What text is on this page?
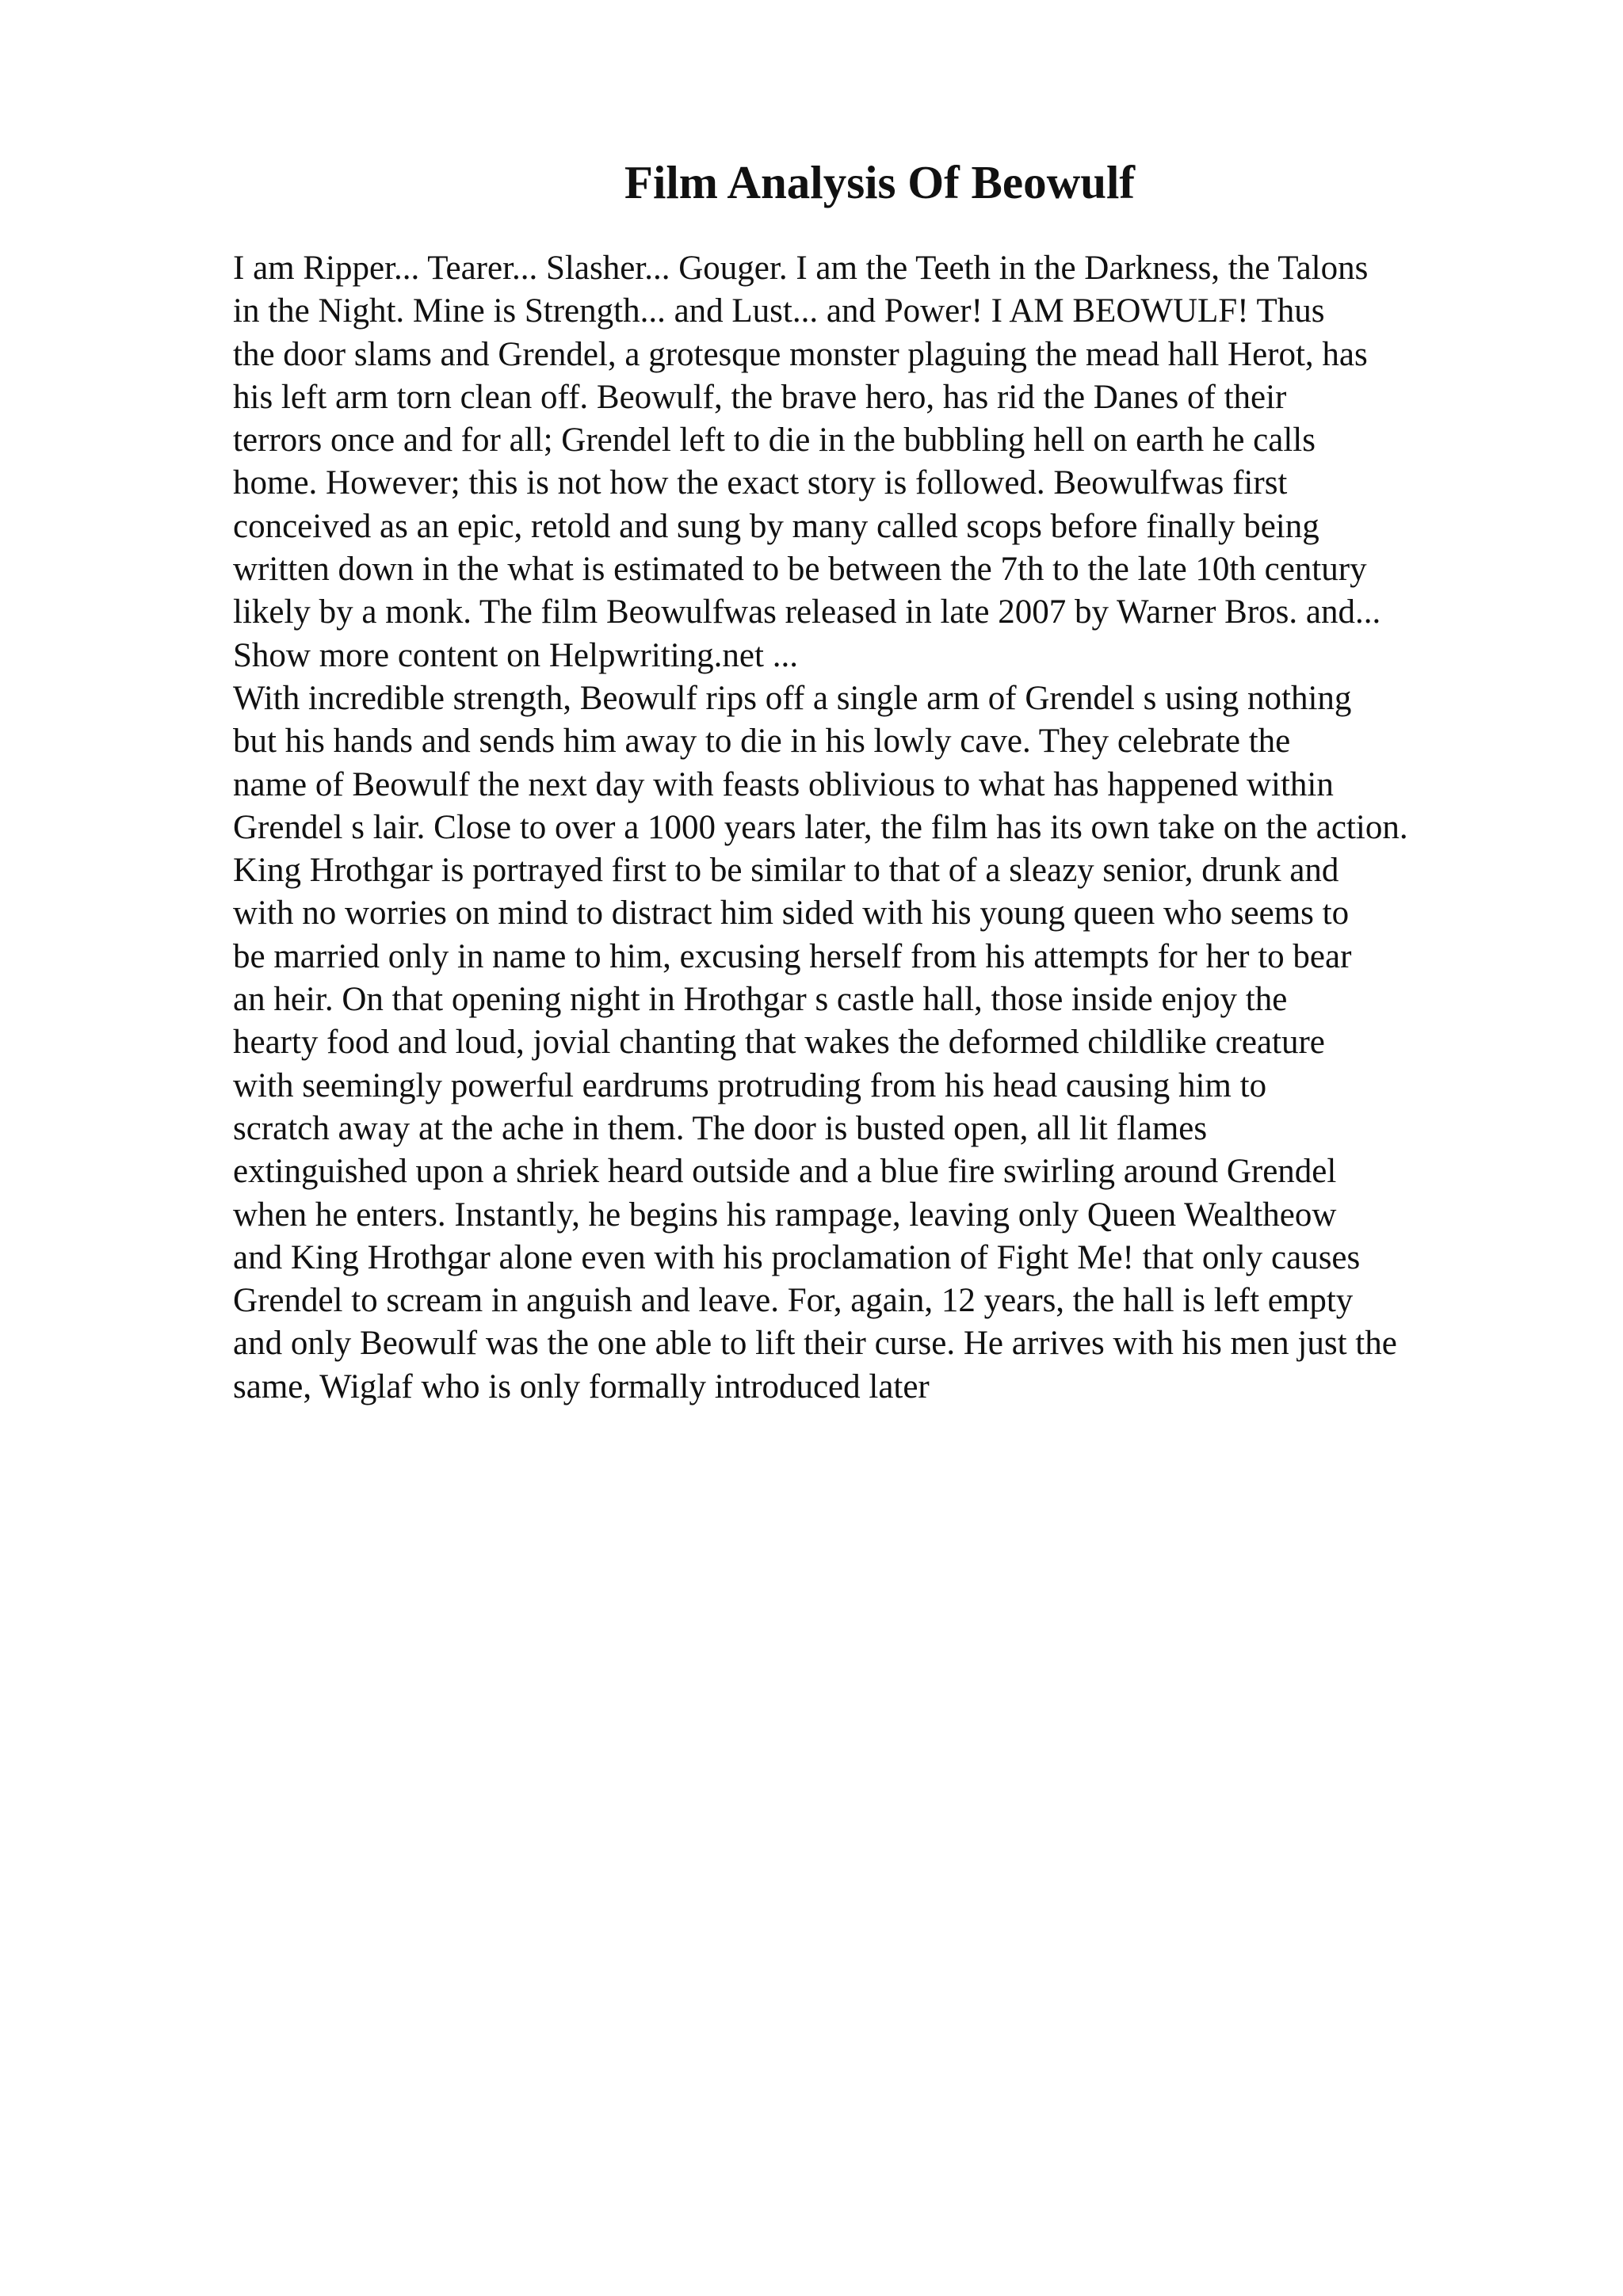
Film Analysis Of Beowulf
I am Ripper... Tearer... Slasher... Gouger. I am the Teeth in the Darkness, the Talons
in the Night. Mine is Strength... and Lust... and Power! I AM BEOWULF! Thus
the door slams and Grendel, a grotesque monster plaguing the mead hall Herot, has
his left arm torn clean off. Beowulf, the brave hero, has rid the Danes of their
terrors once and for all; Grendel left to die in the bubbling hell on earth he calls
home. However; this is not how the exact story is followed. Beowulfwas first
conceived as an epic, retold and sung by many called scops before finally being
written down in the what is estimated to be between the 7th to the late 10th century
likely by a monk. The film Beowulfwas released in late 2007 by Warner Bros. and...
Show more content on Helpwriting.net ...
With incredible strength, Beowulf rips off a single arm of Grendel s using nothing
but his hands and sends him away to die in his lowly cave. They celebrate the
name of Beowulf the next day with feasts oblivious to what has happened within
Grendel s lair. Close to over a 1000 years later, the film has its own take on the action.
King Hrothgar is portrayed first to be similar to that of a sleazy senior, drunk and
with no worries on mind to distract him sided with his young queen who seems to
be married only in name to him, excusing herself from his attempts for her to bear
an heir. On that opening night in Hrothgar s castle hall, those inside enjoy the
hearty food and loud, jovial chanting that wakes the deformed childlike creature
with seemingly powerful eardrums protruding from his head causing him to
scratch away at the ache in them. The door is busted open, all lit flames
extinguished upon a shriek heard outside and a blue fire swirling around Grendel
when he enters. Instantly, he begins his rampage, leaving only Queen Wealtheow
and King Hrothgar alone even with his proclamation of Fight Me! that only causes
Grendel to scream in anguish and leave. For, again, 12 years, the hall is left empty
and only Beowulf was the one able to lift their curse. He arrives with his men just the
same, Wiglaf who is only formally introduced later
